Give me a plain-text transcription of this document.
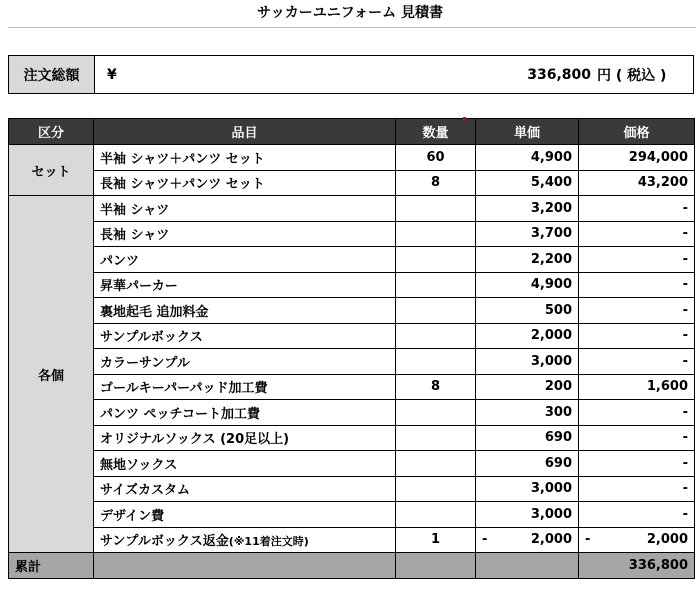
サッカーユニフォーム 見積書
注文総額	¥	336,800 円 ( 税込 )
区分	品目	数量	単価	価格
セット	半袖 シャツ＋パンツ セット	60	4,900	294,000
	長袖 シャツ＋パンツ セット	8	5,400	43,200
各個	半袖 シャツ		3,200	-
	長袖 シャツ		3,700	-
	パンツ		2,200	-
	昇華パーカー		4,900	-
	裏地起毛 追加料金		500	-
	サンプルボックス		2,000	-
	カラーサンプル		3,000	-
	ゴールキーパーパッド加工費	8	200	1,600
	パンツ ペッチコート加工費		300	-
	オリジナルソックス (20足以上)		690	-
	無地ソックス		690	-
	サイズカスタム		3,000	-
	デザイン費		3,000	-
	サンプルボックス返金(※11着注文時)	1	- 2,000	- 2,000

累計				336,800
